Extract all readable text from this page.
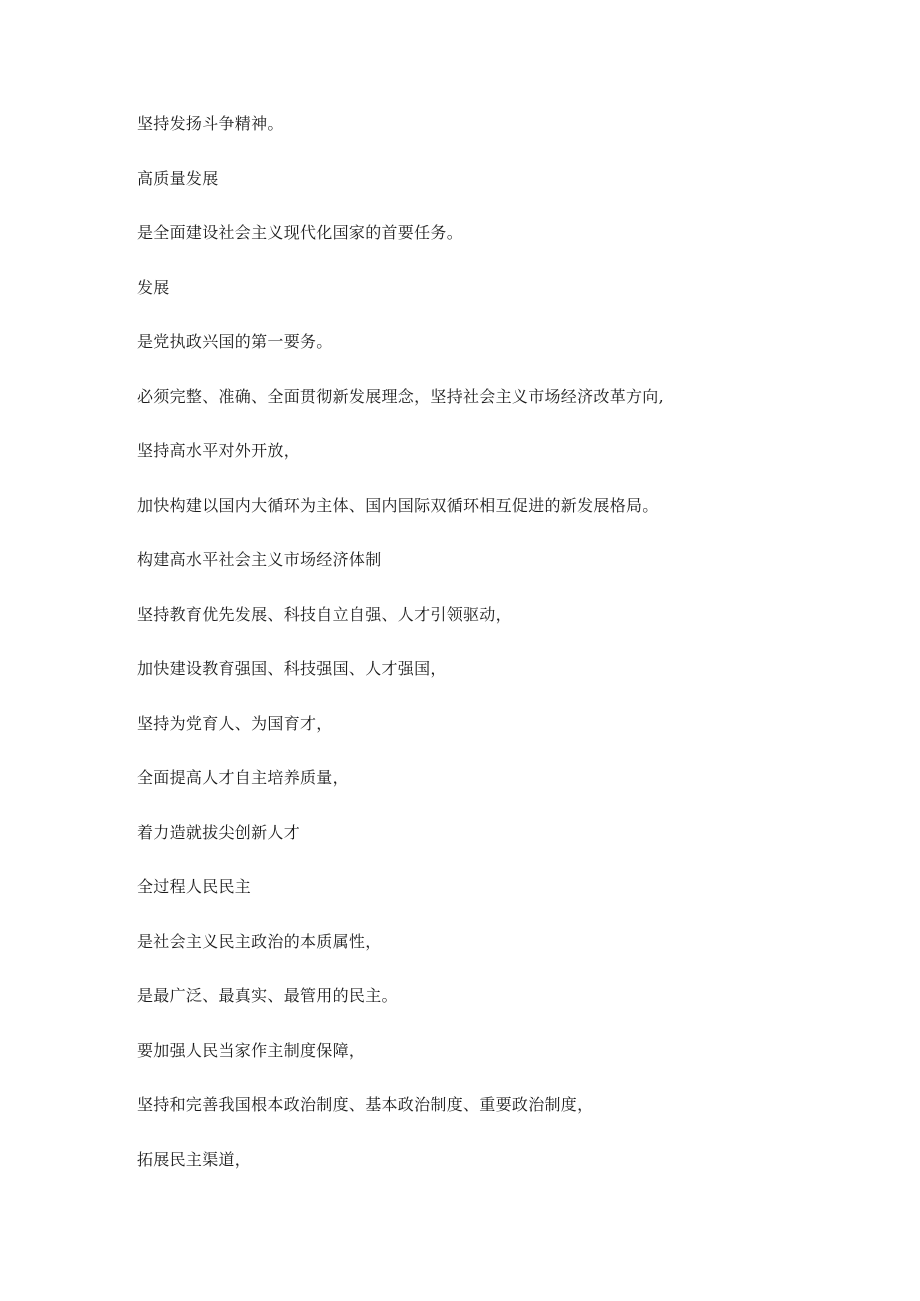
坚持发扬斗争精神。
高质量发展
是全面建设社会主义现代化国家的首要任务。
发展
是党执政兴国的第一要务。
必须完整、准确、全面贯彻新发展理念，坚持社会主义市场经济改革方向,
坚持高水平对外开放，
加快构建以国内大循环为主体、国内国际双循环相互促进的新发展格局。
构建高水平社会主义市场经济体制
坚持教育优先发展、科技自立自强、人才引领驱动，
加快建设教育强国、科技强国、人才强国，
坚持为党育人、为国育才，
全面提高人才自主培养质量，
着力造就拔尖创新人才
全过程人民民主
是社会主义民主政治的本质属性，
是最广泛、最真实、最管用的民主。
要加强人民当家作主制度保障，
坚持和完善我国根本政治制度、基本政治制度、重要政治制度，
拓展民主渠道，
